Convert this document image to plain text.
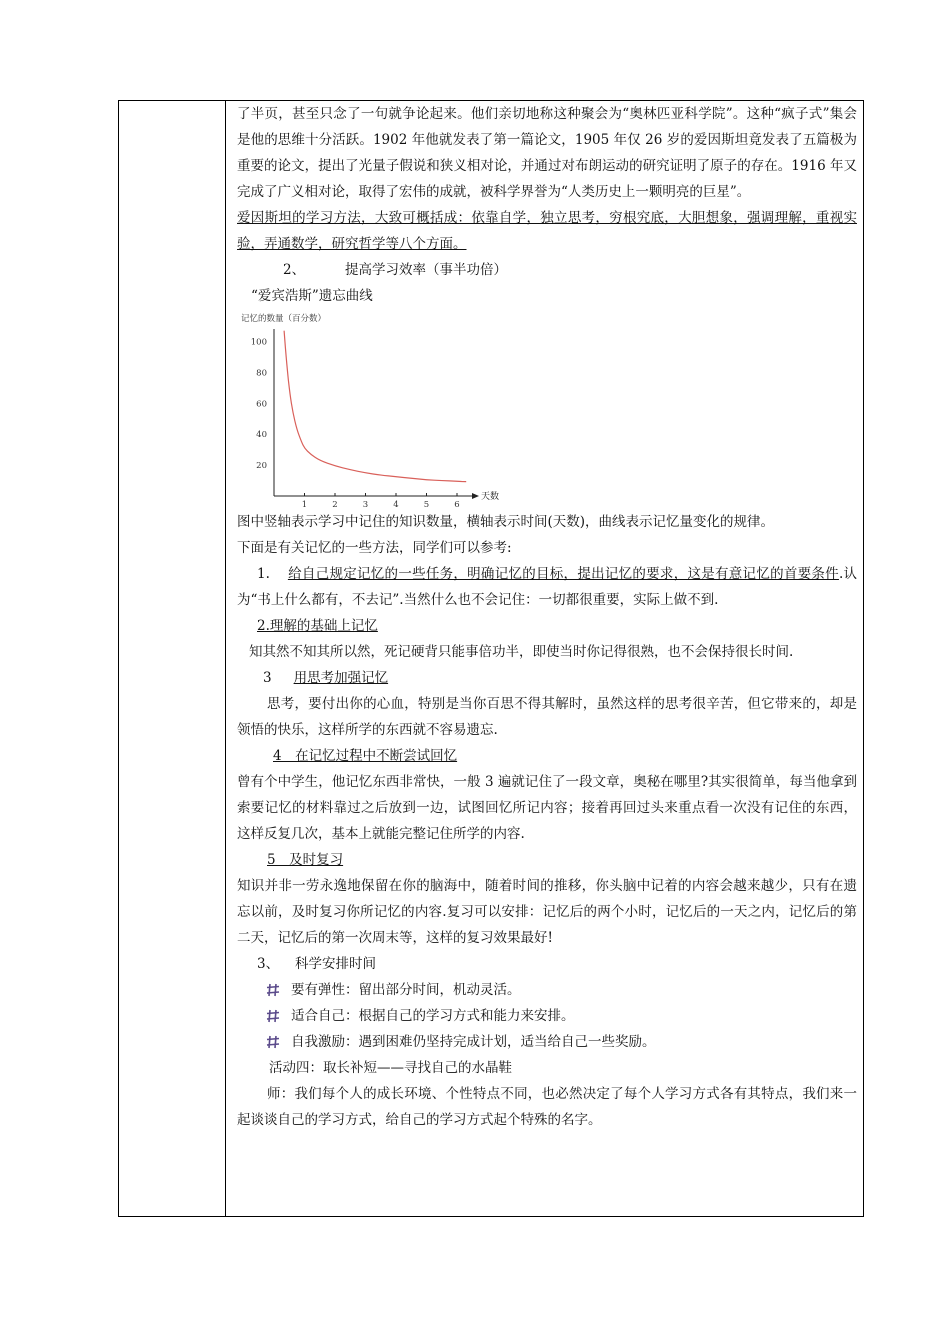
了半页，甚至只念了一句就争论起来。他们亲切地称这种聚会为“奥林匹亚科学院”。这种“疯子式”集会是他的思维十分活跃。1902 年他就发表了第一篇论文，1905 年仅 26 岁的爱因斯坦竟发表了五篇极为重要的论文，提出了光量子假说和狭义相对论，并通过对布朗运动的研究证明了原子的存在。1916 年又完成了广义相对论，取得了宏伟的成就，被科学界誉为“人类历史上一颗明亮的巨星”。

爱因斯坦的学习方法，大致可概括成：依靠自学，独立思考，穷根究底，大胆想象，强调理解，重视实验，弄通数学，研究哲学等八个方面。

2、	提高学习效率（事半功倍）

“爱宾浩斯”遗忘曲线

记忆的数量（百分数）
天数
20
40
60
80
100
1	2	3	4	5	6

图中竖轴表示学习中记住的知识数量，横轴表示时间(天数)，曲线表示记忆量变化的规律。

下面是有关记忆的一些方法，同学们可以参考:

1. 给自己规定记忆的一些任务，明确记忆的目标，提出记忆的要求，这是有意记忆的首要条件.认为“书上什么都有，不去记”.当然什么也不会记住：一切都很重要，实际上做不到.

2.理解的基础上记忆

知其然不知其所以然，死记硬背只能事倍功半，即使当时你记得很熟，也不会保持很长时间.

3 用思考加强记忆

思考，要付出你的心血，特别是当你百思不得其解时，虽然这样的思考很辛苦，但它带来的，却是领悟的快乐，这样所学的东西就不容易遗忘.

4　在记忆过程中不断尝试回忆

曾有个中学生，他记忆东西非常快，一般 3 遍就记住了一段文章，奥秘在哪里?其实很简单，每当他拿到索要记忆的材料靠过之后放到一边，试图回忆所记内容；接着再回过头来重点看一次没有记住的东西，这样反复几次，基本上就能完整记住所学的内容.

5　及时复习

知识并非一劳永逸地保留在你的脑海中，随着时间的推移，你头脑中记着的内容会越来越少，只有在遗忘以前，及时复习你所记忆的内容.复习可以安排：记忆后的两个小时，记忆后的一天之内，记忆后的第二天，记忆后的第一次周末等，这样的复习效果最好!

3、 科学安排时间

要有弹性：留出部分时间，机动灵活。

适合自己：根据自己的学习方式和能力来安排。

自我激励：遇到困难仍坚持完成计划，适当给自己一些奖励。

活动四：取长补短——寻找自己的水晶鞋

师：我们每个人的成长环境、个性特点不同，也必然决定了每个人学习方式各有其特点，我们来一起谈谈自己的学习方式，给自己的学习方式起个特殊的名字。
